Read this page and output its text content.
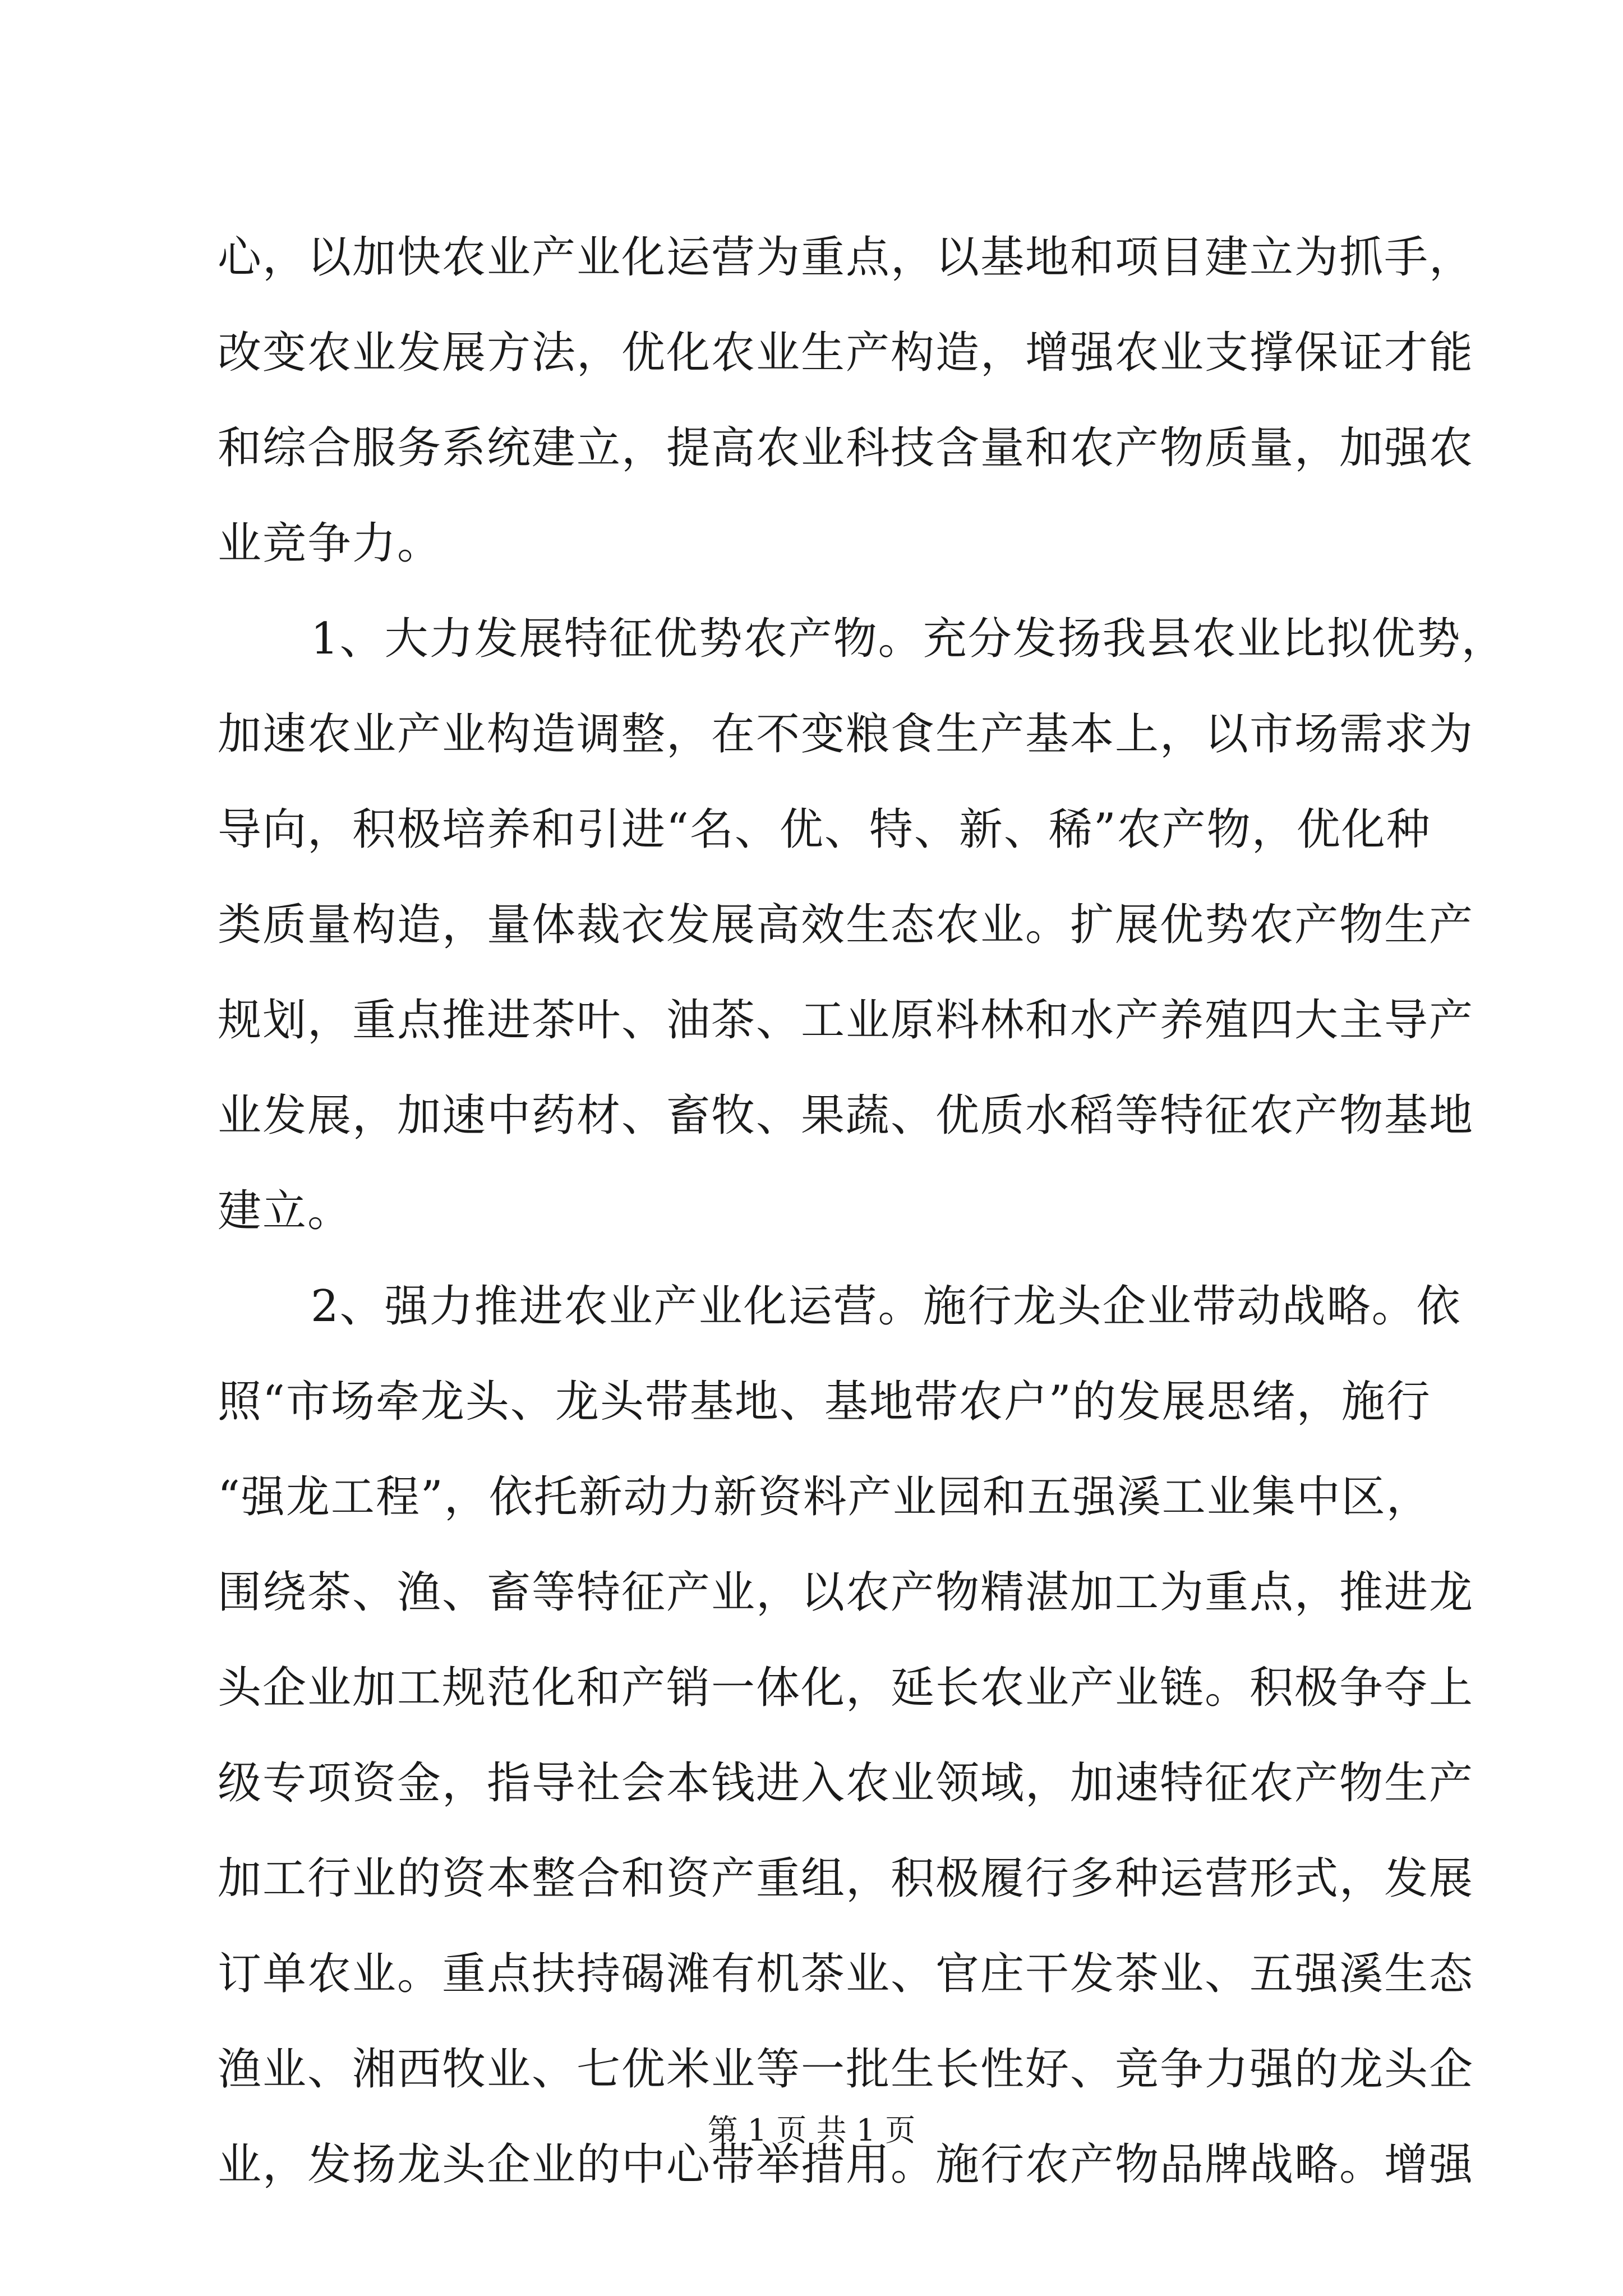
心，以加快农业产业化运营为重点，以基地和项目建立为抓手，
改变农业发展方法，优化农业生产构造，增强农业支撑保证才能
和综合服务系统建立，提高农业科技含量和农产物质量，加强农
业竞争力。
1、大力发展特征优势农产物。充分发扬我县农业比拟优势，
加速农业产业构造调整，在不变粮食生产基本上，以市场需求为
导向，积极培养和引进“名、优、特、新、稀”农产物，优化种
类质量构造，量体裁衣发展高效生态农业。扩展优势农产物生产
规划，重点推进茶叶、油茶、工业原料林和水产养殖四大主导产
业发展，加速中药材、畜牧、果蔬、优质水稻等特征农产物基地
建立。
2、强力推进农业产业化运营。施行龙头企业带动战略。依
照“市场牵龙头、龙头带基地、基地带农户”的发展思绪，施行
“强龙工程”，依托新动力新资料产业园和五强溪工业集中区，
围绕茶、渔、畜等特征产业，以农产物精湛加工为重点，推进龙
头企业加工规范化和产销一体化，延长农业产业链。积极争夺上
级专项资金，指导社会本钱进入农业领域，加速特征农产物生产
加工行业的资本整合和资产重组，积极履行多种运营形式，发展
订单农业。重点扶持碣滩有机茶业、官庄干发茶业、五强溪生态
渔业、湘西牧业、七优米业等一批生长性好、竞争力强的龙头企
业，发扬龙头企业的中心带举措用。施行农产物品牌战略。增强
第 1 页 共 1 页
